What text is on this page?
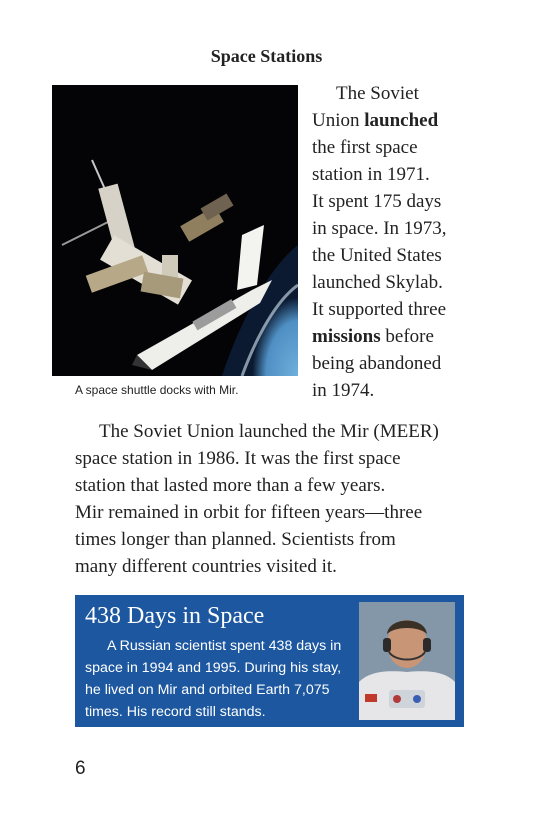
Space Stations
A space shuttle docks with Mir.
The Soviet
Union launched
the first space
station in 1971.
It spent 175 days
in space. In 1973,
the United States
launched Skylab.
It supported three
missions before
being abandoned
in 1974.
The Soviet Union launched the Mir (MEER)
space station in 1986. It was the first space
station that lasted more than a few years.
Mir remained in orbit for fifteen years—three
times longer than planned. Scientists from
many different countries visited it.
438 Days in Space
A Russian scientist spent 438 days in
space in 1994 and 1995. During his stay,
he lived on Mir and orbited Earth 7,075
times. His record still stands.
6
